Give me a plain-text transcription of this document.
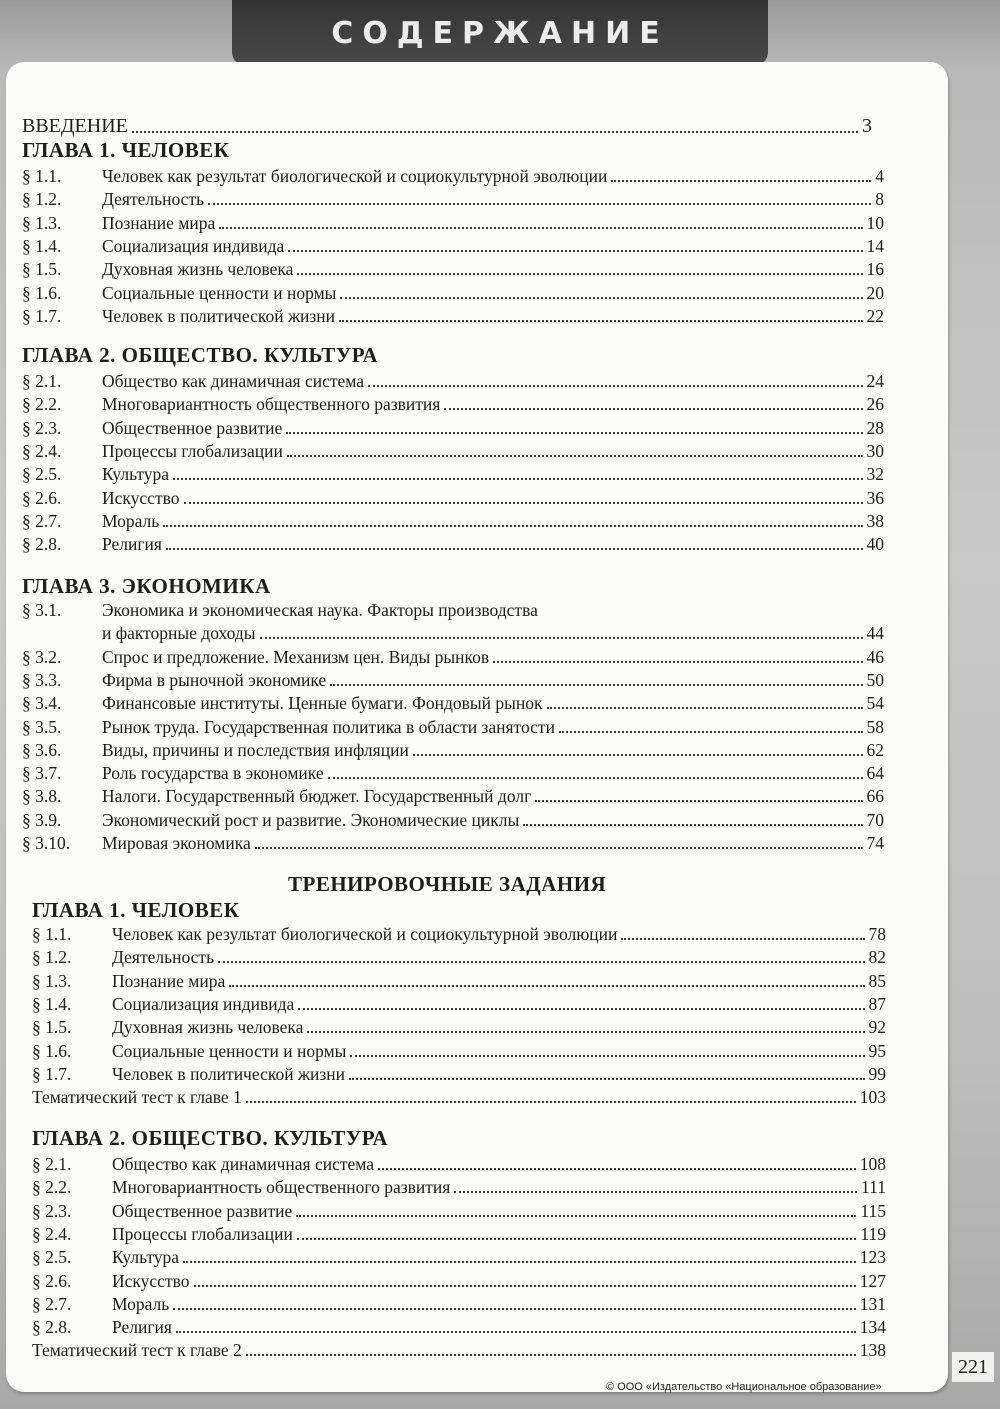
СОДЕРЖАНИЕ
ВВЕДЕНИЕ	3
ГЛАВА 1. ЧЕЛОВЕК
§ 1.1.	Человек как результат биологической и социокультурной эволюции	4
§ 1.2.	Деятельность	8
§ 1.3.	Познание мира	10
§ 1.4.	Социализация индивида	14
§ 1.5.	Духовная жизнь человека	16
§ 1.6.	Социальные ценности и нормы	20
§ 1.7.	Человек в политической жизни	22
ГЛАВА 2. ОБЩЕСТВО. КУЛЬТУРА
§ 2.1.	Общество как динамичная система	24
§ 2.2.	Многовариантность общественного развития	26
§ 2.3.	Общественное развитие	28
§ 2.4.	Процессы глобализации	30
§ 2.5.	Культура	32
§ 2.6.	Искусство	36
§ 2.7.	Мораль	38
§ 2.8.	Религия	40
ГЛАВА 3. ЭКОНОМИКА
§ 3.1. Экономика и экономическая наука. Факторы производства
и факторные доходы	44
§ 3.2.	Спрос и предложение. Механизм цен. Виды рынков	46
§ 3.3.	Фирма в рыночной экономике	50
§ 3.4.	Финансовые институты. Ценные бумаги. Фондовый рынок	54
§ 3.5.	Рынок труда. Государственная политика в области занятости	58
§ 3.6.	Виды, причины и последствия инфляции	62
§ 3.7.	Роль государства в экономике	64
§ 3.8.	Налоги. Государственный бюджет. Государственный долг	66
§ 3.9.	Экономический рост и развитие. Экономические циклы	70
§ 3.10.	Мировая экономика	74
ТРЕНИРОВОЧНЫЕ ЗАДАНИЯ
ГЛАВА 1. ЧЕЛОВЕК
§ 1.1.	Человек как результат биологической и социокультурной эволюции	78
§ 1.2.	Деятельность	82
§ 1.3.	Познание мира	85
§ 1.4.	Социализация индивида	87
§ 1.5.	Духовная жизнь человека	92
§ 1.6.	Социальные ценности и нормы	95
§ 1.7.	Человек в политической жизни	99
Тематический тест к главе 1	103
ГЛАВА 2. ОБЩЕСТВО. КУЛЬТУРА
§ 2.1.	Общество как динамичная система	108
§ 2.2.	Многовариантность общественного развития	111
§ 2.3.	Общественное развитие	115
§ 2.4.	Процессы глобализации	119
§ 2.5.	Культура	123
§ 2.6.	Искусство	127
§ 2.7.	Мораль	131
§ 2.8.	Религия	134
Тематический тест к главе 2	138
221
© ООО «Издательство «Национальное образование»
